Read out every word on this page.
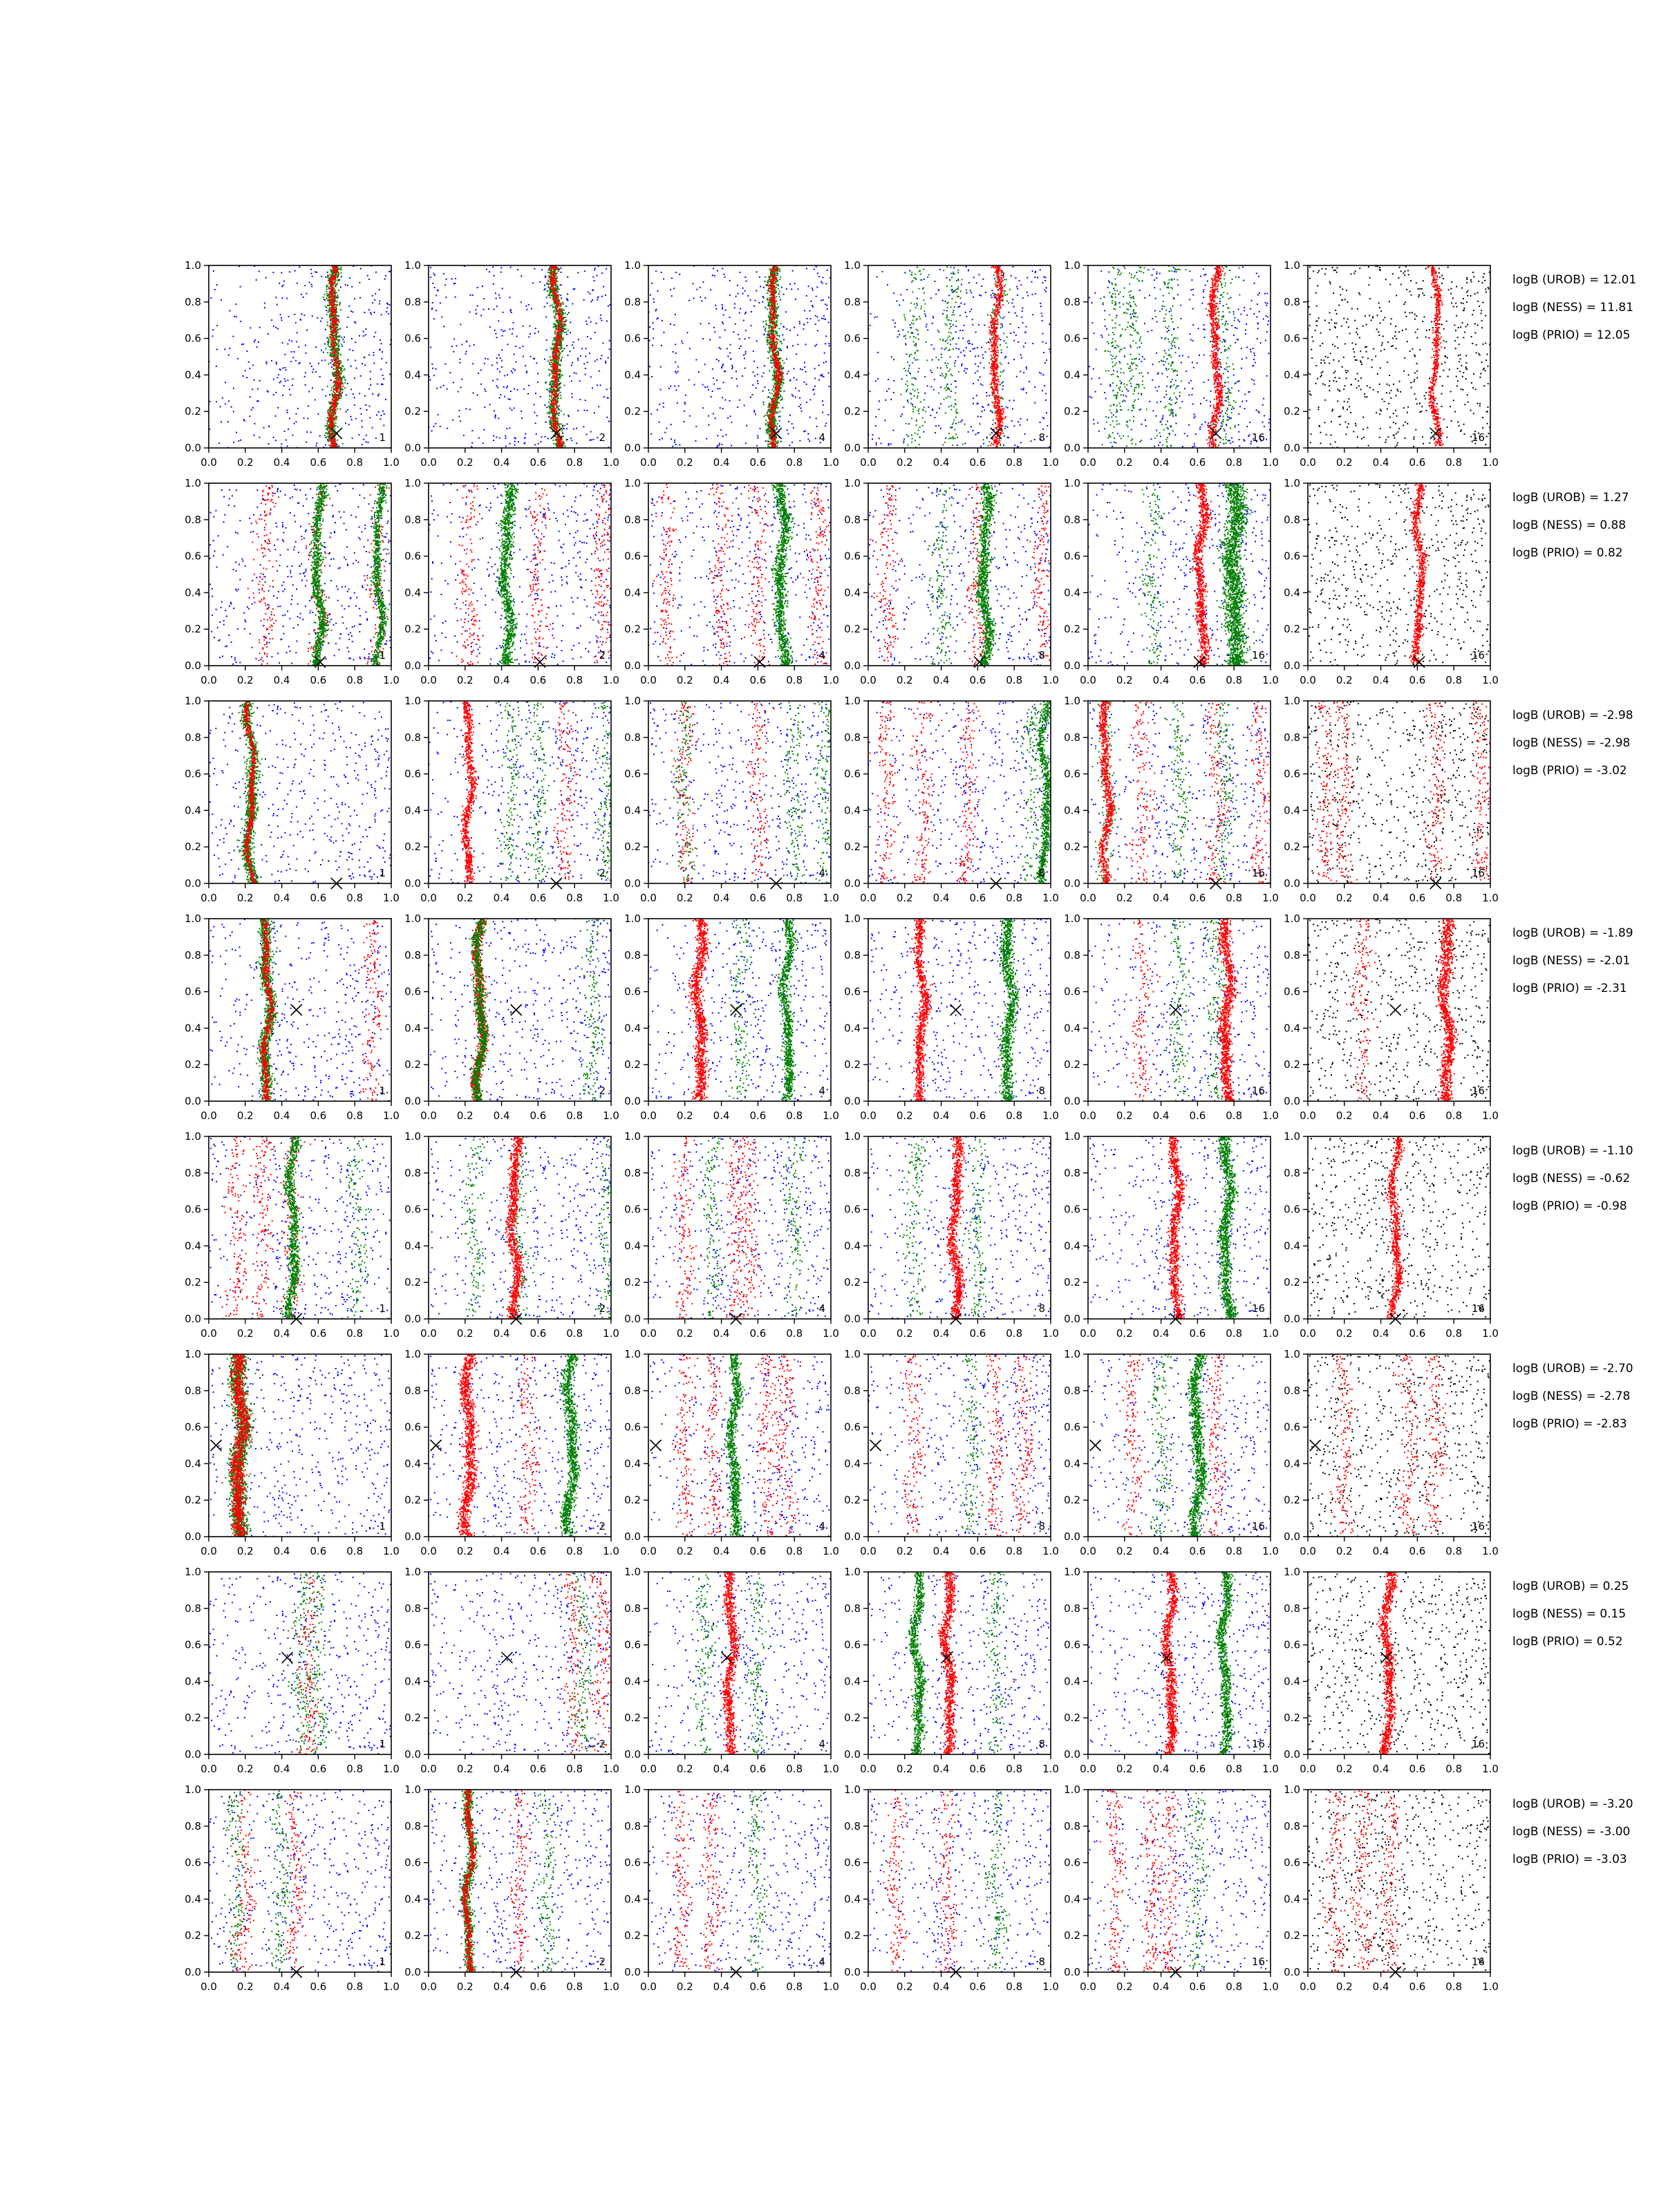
0.0 0.2 0.4 0.6 0.8 1.0
0.0
0.2
0.4
0.6
0.8
1.0
1
0.0 0.2 0.4 0.6 0.8 1.0
0.0
0.2
0.4
0.6
0.8
1.0
2
0.0 0.2 0.4 0.6 0.8 1.0
0.0
0.2
0.4
0.6
0.8
1.0
4
0.0 0.2 0.4 0.6 0.8 1.0
0.0
0.2
0.4
0.6
0.8
1.0
8
0.0 0.2 0.4 0.6 0.8 1.0
0.0
0.2
0.4
0.6
0.8
1.0
16
0.0 0.2 0.4 0.6 0.8 1.0
0.0
0.2
0.4
0.6
0.8
1.0
16
logB (UROB) = 12.01
logB (NESS) = 11.81
logB (PRIO) = 12.05
0.0 0.2 0.4 0.6 0.8 1.0
0.0
0.2
0.4
0.6
0.8
1.0
1
0.0 0.2 0.4 0.6 0.8 1.0
0.0
0.2
0.4
0.6
0.8
1.0
2
0.0 0.2 0.4 0.6 0.8 1.0
0.0
0.2
0.4
0.6
0.8
1.0
4
0.0 0.2 0.4 0.6 0.8 1.0
0.0
0.2
0.4
0.6
0.8
1.0
8
0.0 0.2 0.4 0.6 0.8 1.0
0.0
0.2
0.4
0.6
0.8
1.0
16
0.0 0.2 0.4 0.6 0.8 1.0
0.0
0.2
0.4
0.6
0.8
1.0
16
logB (UROB) = 1.27
logB (NESS) = 0.88
logB (PRIO) = 0.82
0.0 0.2 0.4 0.6 0.8 1.0
0.0
0.2
0.4
0.6
0.8
1.0
1
0.0 0.2 0.4 0.6 0.8 1.0
0.0
0.2
0.4
0.6
0.8
1.0
2
0.0 0.2 0.4 0.6 0.8 1.0
0.0
0.2
0.4
0.6
0.8
1.0
4
0.0 0.2 0.4 0.6 0.8 1.0
0.0
0.2
0.4
0.6
0.8
1.0
8
0.0 0.2 0.4 0.6 0.8 1.0
0.0
0.2
0.4
0.6
0.8
1.0
16
0.0 0.2 0.4 0.6 0.8 1.0
0.0
0.2
0.4
0.6
0.8
1.0
16
logB (UROB) = -2.98
logB (NESS) = -2.98
logB (PRIO) = -3.02
0.0 0.2 0.4 0.6 0.8 1.0
0.0
0.2
0.4
0.6
0.8
1.0
1
0.0 0.2 0.4 0.6 0.8 1.0
0.0
0.2
0.4
0.6
0.8
1.0
2
0.0 0.2 0.4 0.6 0.8 1.0
0.0
0.2
0.4
0.6
0.8
1.0
4
0.0 0.2 0.4 0.6 0.8 1.0
0.0
0.2
0.4
0.6
0.8
1.0
8
0.0 0.2 0.4 0.6 0.8 1.0
0.0
0.2
0.4
0.6
0.8
1.0
16
0.0 0.2 0.4 0.6 0.8 1.0
0.0
0.2
0.4
0.6
0.8
1.0
16
logB (UROB) = -1.89
logB (NESS) = -2.01
logB (PRIO) = -2.31
0.0 0.2 0.4 0.6 0.8 1.0
0.0
0.2
0.4
0.6
0.8
1.0
1
0.0 0.2 0.4 0.6 0.8 1.0
0.0
0.2
0.4
0.6
0.8
1.0
2
0.0 0.2 0.4 0.6 0.8 1.0
0.0
0.2
0.4
0.6
0.8
1.0
4
0.0 0.2 0.4 0.6 0.8 1.0
0.0
0.2
0.4
0.6
0.8
1.0
8
0.0 0.2 0.4 0.6 0.8 1.0
0.0
0.2
0.4
0.6
0.8
1.0
16
0.0 0.2 0.4 0.6 0.8 1.0
0.0
0.2
0.4
0.6
0.8
1.0
16
logB (UROB) = -1.10
logB (NESS) = -0.62
logB (PRIO) = -0.98
0.0 0.2 0.4 0.6 0.8 1.0
0.0
0.2
0.4
0.6
0.8
1.0
1
0.0 0.2 0.4 0.6 0.8 1.0
0.0
0.2
0.4
0.6
0.8
1.0
2
0.0 0.2 0.4 0.6 0.8 1.0
0.0
0.2
0.4
0.6
0.8
1.0
4
0.0 0.2 0.4 0.6 0.8 1.0
0.0
0.2
0.4
0.6
0.8
1.0
8
0.0 0.2 0.4 0.6 0.8 1.0
0.0
0.2
0.4
0.6
0.8
1.0
16
0.0 0.2 0.4 0.6 0.8 1.0
0.0
0.2
0.4
0.6
0.8
1.0
16
logB (UROB) = -2.70
logB (NESS) = -2.78
logB (PRIO) = -2.83
0.0 0.2 0.4 0.6 0.8 1.0
0.0
0.2
0.4
0.6
0.8
1.0
1
0.0 0.2 0.4 0.6 0.8 1.0
0.0
0.2
0.4
0.6
0.8
1.0
2
0.0 0.2 0.4 0.6 0.8 1.0
0.0
0.2
0.4
0.6
0.8
1.0
4
0.0 0.2 0.4 0.6 0.8 1.0
0.0
0.2
0.4
0.6
0.8
1.0
8
0.0 0.2 0.4 0.6 0.8 1.0
0.0
0.2
0.4
0.6
0.8
1.0
16
0.0 0.2 0.4 0.6 0.8 1.0
0.0
0.2
0.4
0.6
0.8
1.0
16
logB (UROB) = 0.25
logB (NESS) = 0.15
logB (PRIO) = 0.52
0.0 0.2 0.4 0.6 0.8 1.0
0.0
0.2
0.4
0.6
0.8
1.0
1
0.0 0.2 0.4 0.6 0.8 1.0
0.0
0.2
0.4
0.6
0.8
1.0
2
0.0 0.2 0.4 0.6 0.8 1.0
0.0
0.2
0.4
0.6
0.8
1.0
4
0.0 0.2 0.4 0.6 0.8 1.0
0.0
0.2
0.4
0.6
0.8
1.0
8
0.0 0.2 0.4 0.6 0.8 1.0
0.0
0.2
0.4
0.6
0.8
1.0
16
0.0 0.2 0.4 0.6 0.8 1.0
0.0
0.2
0.4
0.6
0.8
1.0
16
logB (UROB) = -3.20
logB (NESS) = -3.00
logB (PRIO) = -3.03
